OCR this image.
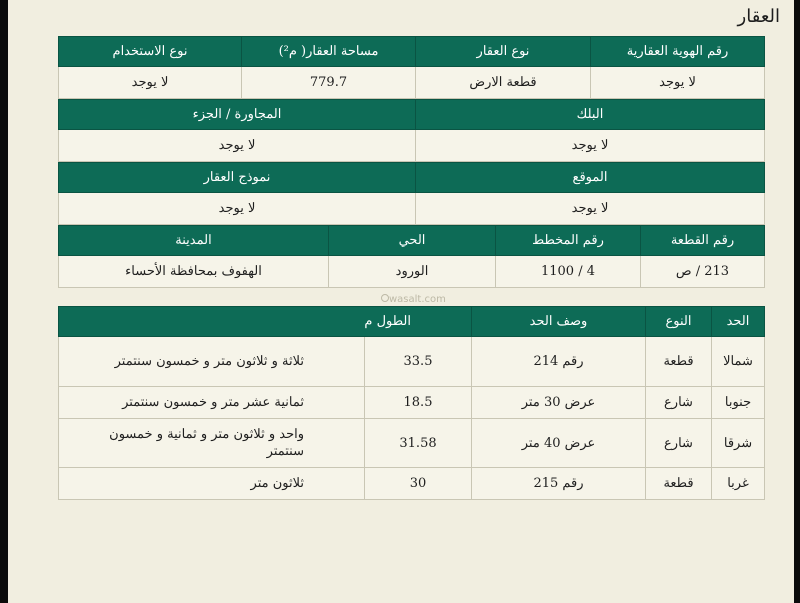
العقار
رقم الهوية العقارية	نوع العقار	مساحة العقار( م²)	نوع الاستخدام
لا يوجد	قطعة الارض	779.7	لا يوجد
البلك	المجاورة / الجزء
لا يوجد	لا يوجد
الموقع	نموذج العقار
لا يوجد	لا يوجد
رقم القطعة	رقم المخطط	الحي	المدينة
213 / ص	4 / 1100	الورود	الهفوف بمحافظة الأحساء
wasalt.com
الحد	النوع	وصف الحد	الطول م	
شمالا	قطعة	رقم 214	33.5	ثلاثة و ثلاثون متر و خمسون سنتمتر
جنوبا	شارع	عرض 30 متر	18.5	ثمانية عشر متر و خمسون سنتمتر
شرقا	شارع	عرض 40 متر	31.58	واحد و ثلاثون متر و ثمانية و خمسون سنتمتر
غربا	قطعة	رقم 215	30	ثلاثون متر
